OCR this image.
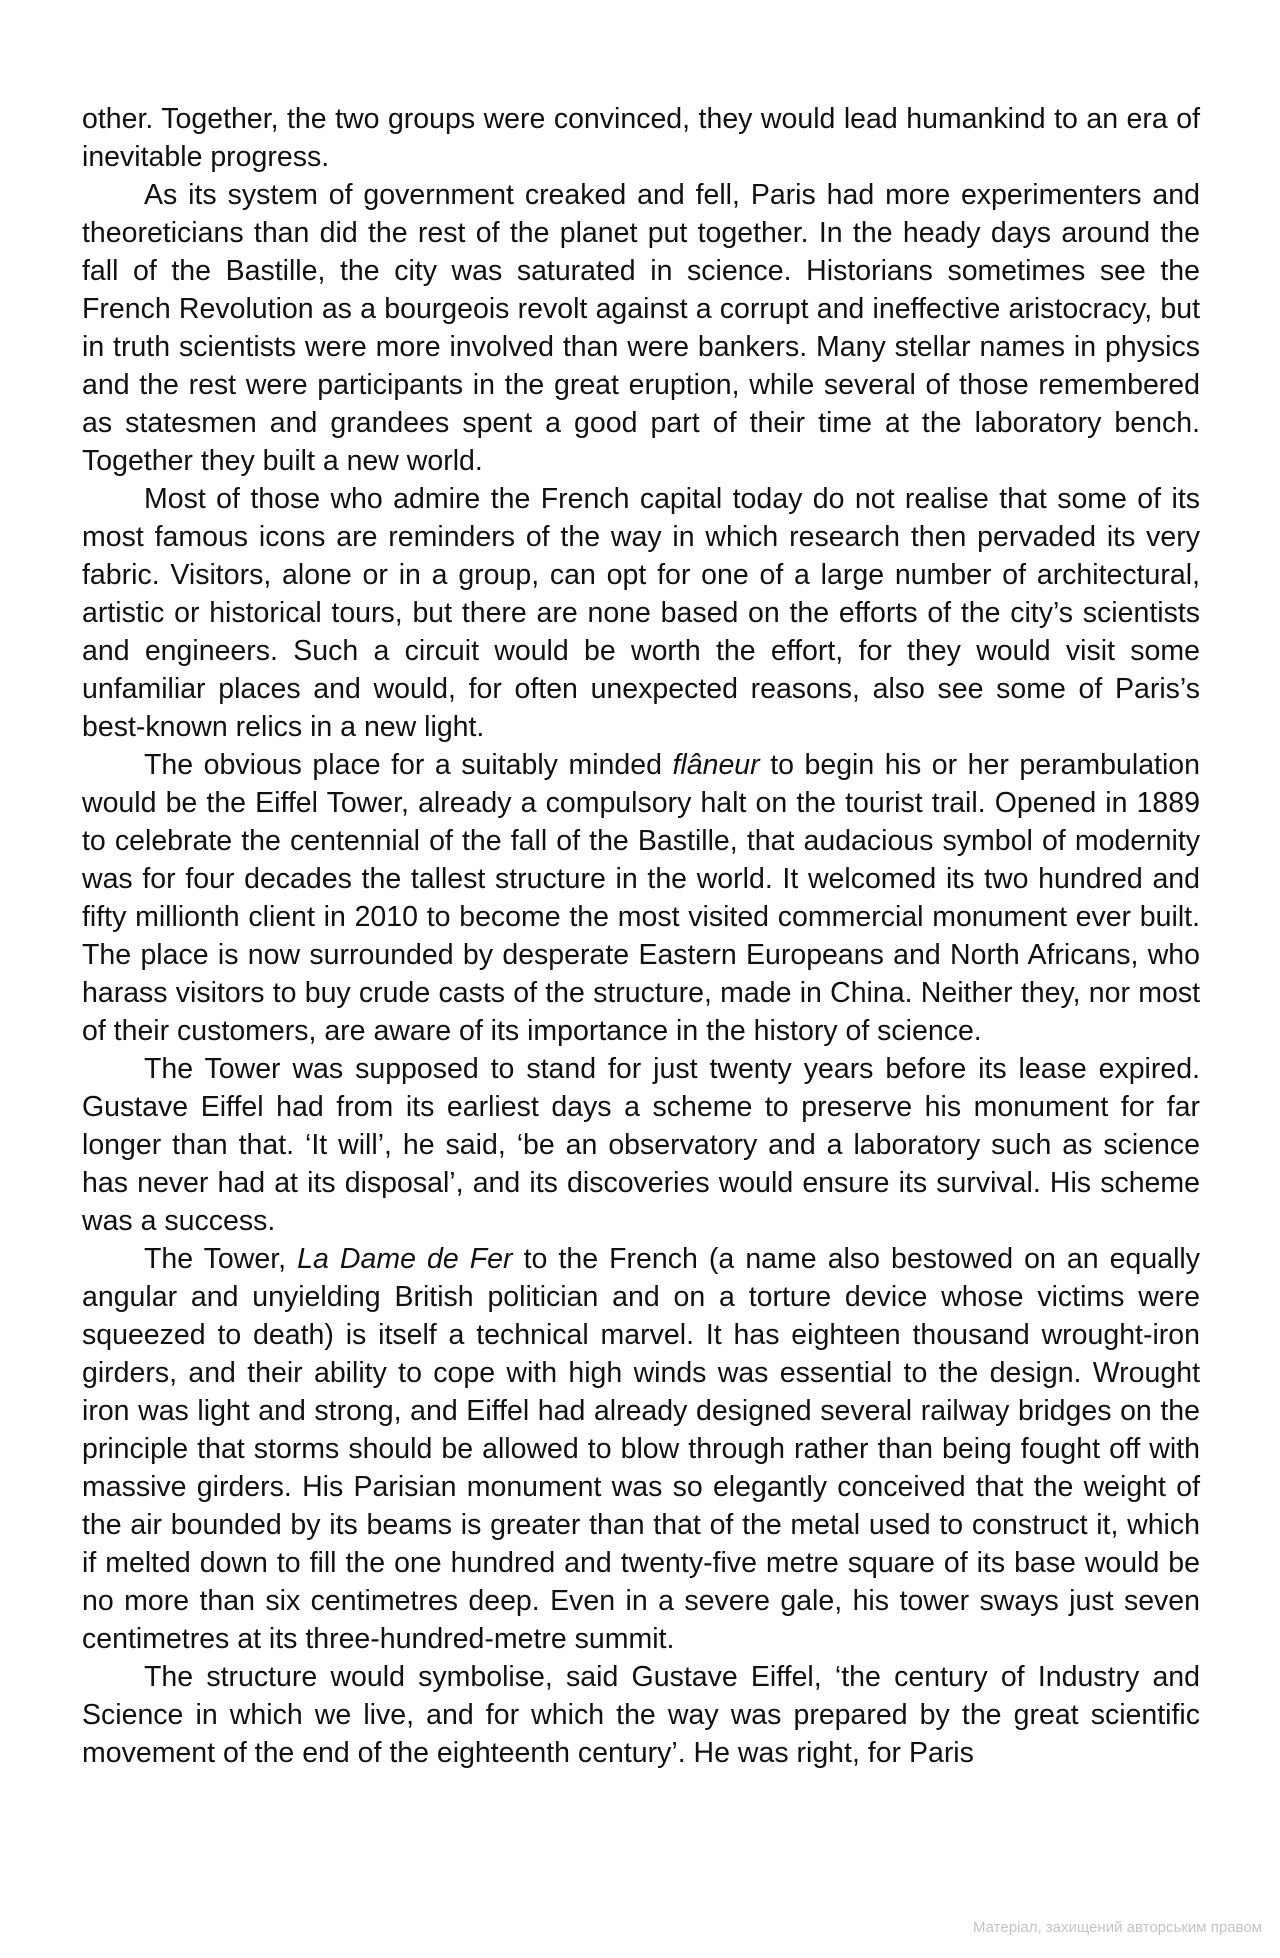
other. Together, the two groups were convinced, they would lead humankind to an era of inevitable progress.

As its system of government creaked and fell, Paris had more experimenters and theoreticians than did the rest of the planet put together. In the heady days around the fall of the Bastille, the city was saturated in science. Historians sometimes see the French Revolution as a bourgeois revolt against a corrupt and ineffective aristocracy, but in truth scientists were more involved than were bankers. Many stellar names in physics and the rest were participants in the great eruption, while several of those remembered as statesmen and grandees spent a good part of their time at the laboratory bench. Together they built a new world.

Most of those who admire the French capital today do not realise that some of its most famous icons are reminders of the way in which research then pervaded its very fabric. Visitors, alone or in a group, can opt for one of a large number of architectural, artistic or historical tours, but there are none based on the efforts of the city’s scientists and engineers. Such a circuit would be worth the effort, for they would visit some unfamiliar places and would, for often unexpected reasons, also see some of Paris’s best-known relics in a new light.

The obvious place for a suitably minded flâneur to begin his or her perambulation would be the Eiffel Tower, already a compulsory halt on the tourist trail. Opened in 1889 to celebrate the centennial of the fall of the Bastille, that audacious symbol of modernity was for four decades the tallest structure in the world. It welcomed its two hundred and fifty millionth client in 2010 to become the most visited commercial monument ever built. The place is now surrounded by desperate Eastern Europeans and North Africans, who harass visitors to buy crude casts of the structure, made in China. Neither they, nor most of their customers, are aware of its importance in the history of science.

The Tower was supposed to stand for just twenty years before its lease expired. Gustave Eiffel had from its earliest days a scheme to preserve his monument for far longer than that. ‘It will’, he said, ‘be an observatory and a laboratory such as science has never had at its disposal’, and its discoveries would ensure its survival. His scheme was a success.

The Tower, La Dame de Fer to the French (a name also bestowed on an equally angular and unyielding British politician and on a torture device whose victims were squeezed to death) is itself a technical marvel. It has eighteen thousand wrought-iron girders, and their ability to cope with high winds was essential to the design. Wrought iron was light and strong, and Eiffel had already designed several railway bridges on the principle that storms should be allowed to blow through rather than being fought off with massive girders. His Parisian monument was so elegantly conceived that the weight of the air bounded by its beams is greater than that of the metal used to construct it, which if melted down to fill the one hundred and twenty-five metre square of its base would be no more than six centimetres deep. Even in a severe gale, his tower sways just seven centimetres at its three-hundred-metre summit.

The structure would symbolise, said Gustave Eiffel, ‘the century of Industry and Science in which we live, and for which the way was prepared by the great scientific movement of the end of the eighteenth century’. He was right, for Paris

Матеріал, захищений авторським правом
